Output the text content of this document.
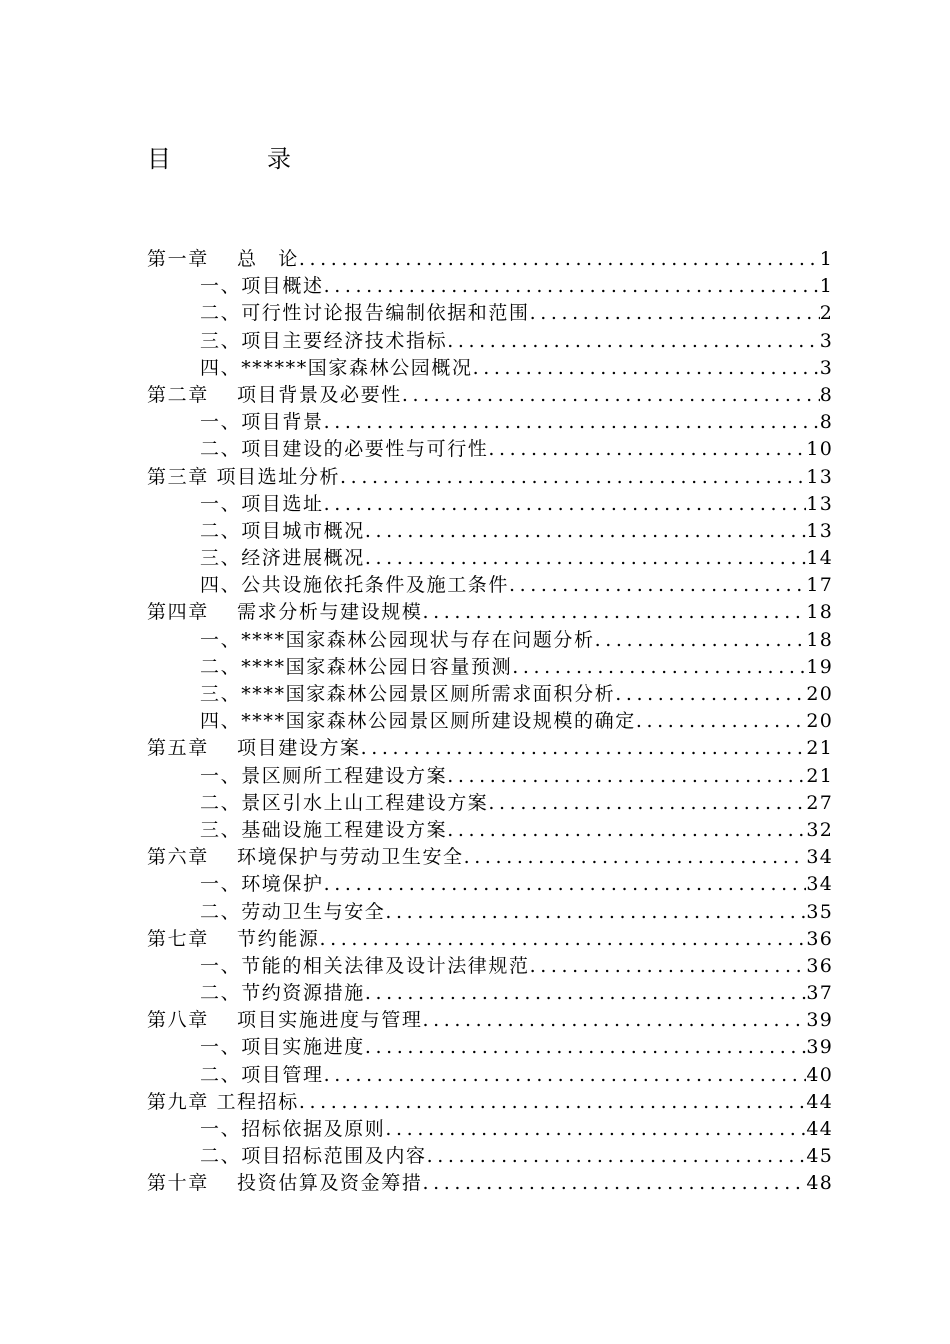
目　　　　录
第一章　 总　论 .....	1
一、项目概述 .....	1
二、可行性讨论报告编制依据和范围 .....	2
三、项目主要经济技术指标 .....	3
四、******国家森林公园概况 .....	3
第二章　 项目背景及必要性 .....	8
一、项目背景 .....	8
二、项目建设的必要性与可行性 .....	10
第三章 项目选址分析 .....	13
一、项目选址 .....	13
二、项目城市概况 .....	13
三、经济进展概况 .....	14
四、公共设施依托条件及施工条件 .....	17
第四章　 需求分析与建设规模 .....	18
一、****国家森林公园现状与存在问题分析 .....	18
二、****国家森林公园日容量预测 .....	19
三、****国家森林公园景区厕所需求面积分析 .....	20
四、****国家森林公园景区厕所建设规模的确定 .....	20
第五章　 项目建设方案 .....	21
一、景区厕所工程建设方案 .....	21
二、景区引水上山工程建设方案 .....	27
三、基础设施工程建设方案 .....	32
第六章　 环境保护与劳动卫生安全 .....	34
一、环境保护 .....	34
二、劳动卫生与安全 .....	35
第七章　 节约能源 .....	36
一、节能的相关法律及设计法律规范 .....	36
二、节约资源措施 .....	37
第八章　 项目实施进度与管理 .....	39
一、项目实施进度 .....	39
二、项目管理 .....	40
第九章 工程招标 .....	44
一、招标依据及原则 .....	44
二、项目招标范围及内容 .....	45
第十章　 投资估算及资金筹措 .....	48
